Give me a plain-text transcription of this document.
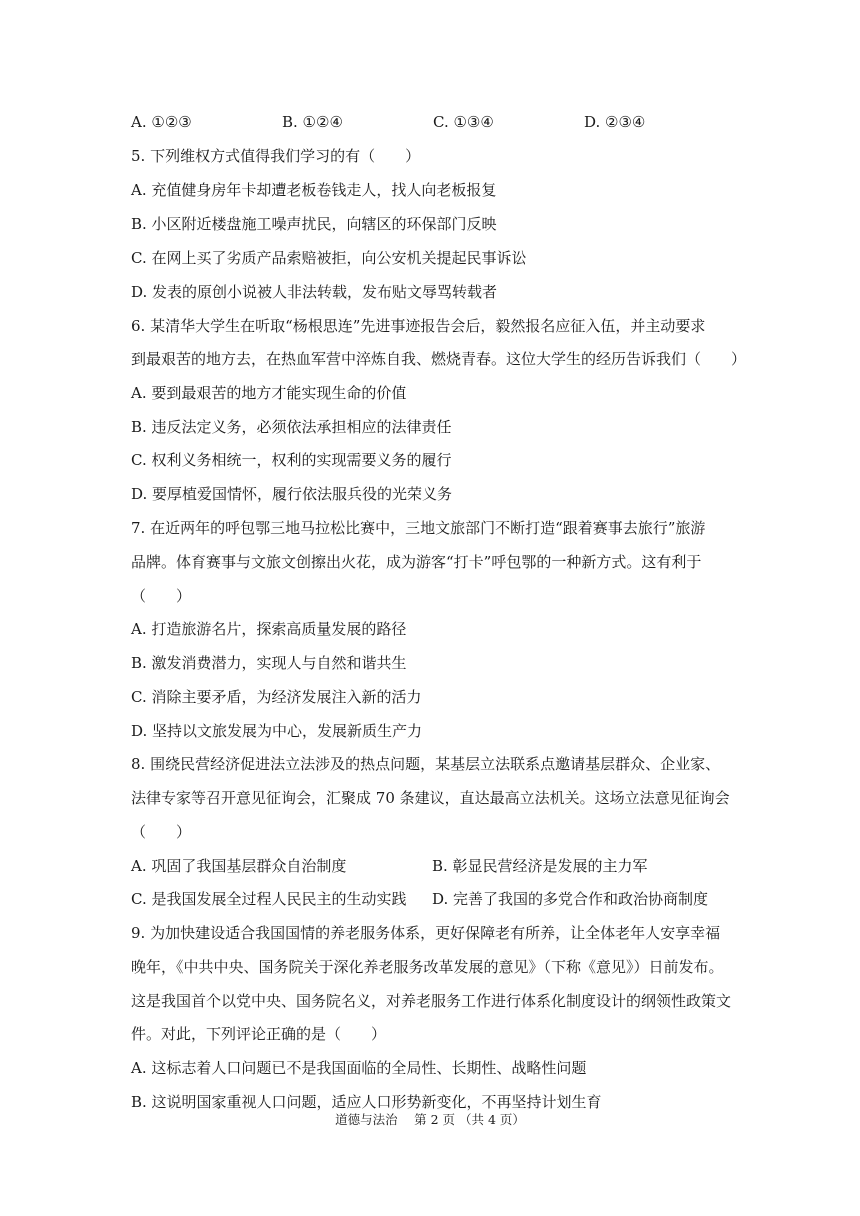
A. ①②③	B. ①②④	C. ①③④	D. ②③④
5. 下列维权方式值得我们学习的有（　　）
A. 充值健身房年卡却遭老板卷钱走人，找人向老板报复
B. 小区附近楼盘施工噪声扰民，向辖区的环保部门反映
C. 在网上买了劣质产品索赔被拒，向公安机关提起民事诉讼
D. 发表的原创小说被人非法转载，发布贴文辱骂转载者
6. 某清华大学生在听取“杨根思连”先进事迹报告会后，毅然报名应征入伍，并主动要求
到最艰苦的地方去，在热血军营中淬炼自我、燃烧青春。这位大学生的经历告诉我们（　　）
A. 要到最艰苦的地方才能实现生命的价值
B. 违反法定义务，必须依法承担相应的法律责任
C. 权利义务相统一，权利的实现需要义务的履行
D. 要厚植爱国情怀，履行依法服兵役的光荣义务
7. 在近两年的呼包鄂三地马拉松比赛中，三地文旅部门不断打造“跟着赛事去旅行”旅游
品牌。体育赛事与文旅文创擦出火花，成为游客“打卡”呼包鄂的一种新方式。这有利于
（　　）
A. 打造旅游名片，探索高质量发展的路径
B. 激发消费潜力，实现人与自然和谐共生
C. 消除主要矛盾，为经济发展注入新的活力
D. 坚持以文旅发展为中心，发展新质生产力
8. 围绕民营经济促进法立法涉及的热点问题，某基层立法联系点邀请基层群众、企业家、
法律专家等召开意见征询会，汇聚成 70 条建议，直达最高立法机关。这场立法意见征询会
（　　）
A. 巩固了我国基层群众自治制度	B. 彰显民营经济是发展的主力军
C. 是我国发展全过程人民民主的生动实践 D. 完善了我国的多党合作和政治协商制度
9. 为加快建设适合我国国情的养老服务体系，更好保障老有所养，让全体老年人安享幸福
晚年，《中共中央、国务院关于深化养老服务改革发展的意见》（下称《意见》）日前发布。
这是我国首个以党中央、国务院名义，对养老服务工作进行体系化制度设计的纲领性政策文
件。对此，下列评论正确的是（　　）
A. 这标志着人口问题已不是我国面临的全局性、长期性、战略性问题
B. 这说明国家重视人口问题，适应人口形势新变化，不再坚持计划生育
道德与法治　 第 2 页 （共 4 页）
